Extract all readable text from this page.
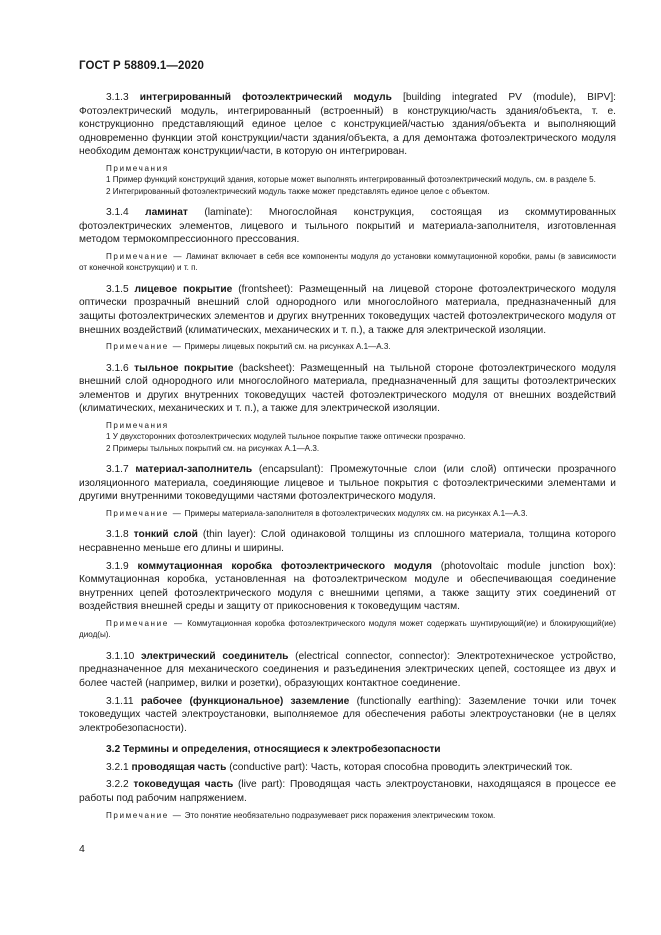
ГОСТ Р 58809.1—2020

3.1.3 интегрированный фотоэлектрический модуль [building integrated PV (module), BIPV]: Фотоэлектрический модуль, интегрированный (встроенный) в конструкцию/часть здания/объекта, т. е. конструкционно представляющий единое целое с конструкцией/частью здания/объекта и выполняющий одновременно функции этой конструкции/части здания/объекта, а для демонтажа фотоэлектрического модуля необходим демонтаж конструкции/части, в которую он интегрирован.

Примечания

1 Пример функций конструкций здания, которые может выполнять интегрированный фотоэлектрический модуль, см. в разделе 5.

2 Интегрированный фотоэлектрический модуль также может представлять единое целое с объектом.

3.1.4 ламинат (laminate): Многослойная конструкция, состоящая из скоммутированных фотоэлектрических элементов, лицевого и тыльного покрытий и материала-заполнителя, изготовленная методом термокомпрессионного прессования.

Примечание — Ламинат включает в себя все компоненты модуля до установки коммутационной коробки, рамы (в зависимости от конечной конструкции) и т. п.

3.1.5 лицевое покрытие (frontsheet): Размещенный на лицевой стороне фотоэлектрического модуля оптически прозрачный внешний слой однородного или многослойного материала, предназначенный для защиты фотоэлектрических элементов и других внутренних токоведущих частей фотоэлектрического модуля от внешних воздействий (климатических, механических и т. п.), а также для электрической изоляции.

Примечание — Примеры лицевых покрытий см. на рисунках А.1—А.3.

3.1.6 тыльное покрытие (backsheet): Размещенный на тыльной стороне фотоэлектрического модуля внешний слой однородного или многослойного материала, предназначенный для защиты фотоэлектрических элементов и других внутренних токоведущих частей фотоэлектрического модуля от внешних воздействий (климатических, механических и т. п.), а также для электрической изоляции.

Примечания

1 У двухсторонних фотоэлектрических модулей тыльное покрытие также оптически прозрачно.

2 Примеры тыльных покрытий см. на рисунках А.1—А.3.

3.1.7 материал-заполнитель (encapsulant): Промежуточные слои (или слой) оптически прозрачного изоляционного материала, соединяющие лицевое и тыльное покрытия с фотоэлектрическими элементами и другими внутренними токоведущими частями фотоэлектрического модуля.

Примечание — Примеры материала-заполнителя в фотоэлектрических модулях см. на рисунках А.1—А.3.

3.1.8 тонкий слой (thin layer): Слой одинаковой толщины из сплошного материала, толщина которого несравненно меньше его длины и ширины.

3.1.9 коммутационная коробка фотоэлектрического модуля (photovoltaic module junction box): Коммутационная коробка, установленная на фотоэлектрическом модуле и обеспечивающая соединение внутренних цепей фотоэлектрического модуля с внешними цепями, а также защиту этих соединений от воздействия внешней среды и защиту от прикосновения к токоведущим частям.

Примечание — Коммутационная коробка фотоэлектрического модуля может содержать шунтирующий(ие) и блокирующий(ие) диод(ы).

3.1.10 электрический соединитель (electrical connector, connector): Электротехническое устройство, предназначенное для механического соединения и разъединения электрических цепей, состоящее из двух и более частей (например, вилки и розетки), образующих контактное соединение.

3.1.11 рабочее (функциональное) заземление (functionally earthing): Заземление точки или точек токоведущих частей электроустановки, выполняемое для обеспечения работы электроустановки (не в целях электробезопасности).

3.2 Термины и определения, относящиеся к электробезопасности

3.2.1 проводящая часть (conductive part): Часть, которая способна проводить электрический ток.

3.2.2 токоведущая часть (live part): Проводящая часть электроустановки, находящаяся в процессе ее работы под рабочим напряжением.

Примечание — Это понятие необязательно подразумевает риск поражения электрическим током.

4
